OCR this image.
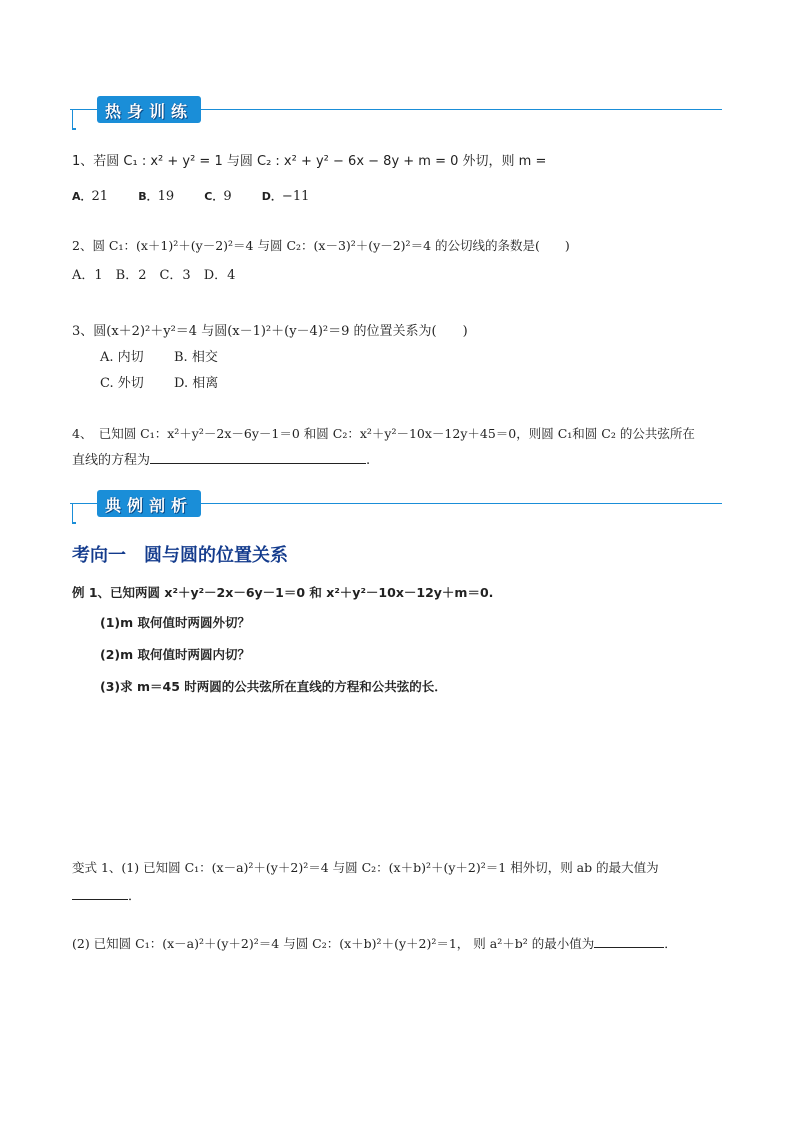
热身训练
1、若圆 C₁ : x² + y² = 1 与圆 C₂ : x² + y² − 6x − 8y + m = 0 外切，则 m =
A．21	B．19	C．9	D．−11
2、圆 C₁：(x＋1)²＋(y－2)²＝4 与圆 C₂：(x－3)²＋(y－2)²＝4 的公切线的条数是(　　)
A．1　B．2　C．3　D．4
3、圆(x＋2)²＋y²＝4 与圆(x－1)²＋(y－4)²＝9 的位置关系为(　　)
A. 内切 B. 相交
C. 外切 D. 相离
4、　已知圆 C₁：x²＋y²－2x－6y－1＝0 和圆 C₂：x²＋y²－10x－12y＋45＝0，则圆 C₁和圆 C₂ 的公共弦所在
直线的方程为	.
典例剖析
考向一　圆与圆的位置关系
例 1、已知两圆 x²＋y²－2x－6y－1＝0 和 x²＋y²－10x－12y＋m＝0.
(1)m 取何值时两圆外切？
(2)m 取何值时两圆内切？
(3)求 m＝45 时两圆的公共弦所在直线的方程和公共弦的长．
变式 1、(1) 已知圆 C₁：(x－a)²＋(y＋2)²＝4 与圆 C₂：(x＋b)²＋(y＋2)²＝1 相外切，则 ab 的最大值为
．
(2) 已知圆 C₁：(x－a)²＋(y＋2)²＝4 与圆 C₂：(x＋b)²＋(y＋2)²＝1， 则 a²＋b² 的最小值为	．
